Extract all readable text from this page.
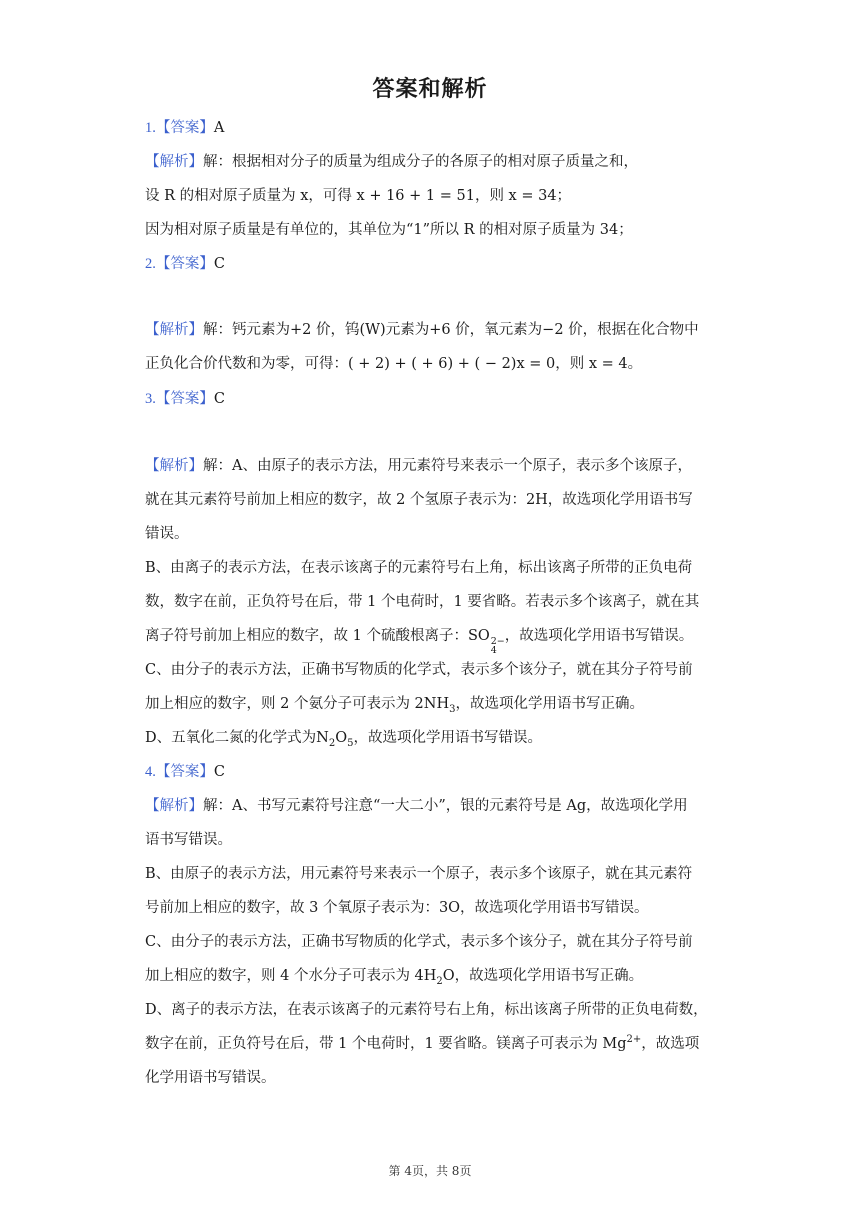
答案和解析
1.【答案】A
【解析】解：根据相对分子的质量为组成分子的各原子的相对原子质量之和，
设 R 的相对原子质量为 x，可得 x + 16 + 1 = 51，则 x = 34；
因为相对原子质量是有单位的，其单位为“1”所以 R 的相对原子质量为 34；
2.【答案】C
【解析】解：钙元素为+2 价，钨(W)元素为+6 价，氧元素为−2 价，根据在化合物中
正负化合价代数和为零，可得：( + 2) + ( + 6) + ( − 2)x = 0，则 x = 4。
3.【答案】C
【解析】解：A、由原子的表示方法，用元素符号来表示一个原子，表示多个该原子，
就在其元素符号前加上相应的数字，故 2 个氢原子表示为：2H，故选项化学用语书写
错误。
B、由离子的表示方法，在表示该离子的元素符号右上角，标出该离子所带的正负电荷
数，数字在前，正负符号在后，带 1 个电荷时，1 要省略。若表示多个该离子，就在其
离子符号前加上相应的数字，故 1 个硫酸根离子：SO 2−
4
，故选项化学用语书写错误。
C、由分子的表示方法，正确书写物质的化学式，表示多个该分子，就在其分子符号前
加上相应的数字，则 2 个氨分子可表示为 $2NH_3$，故选项化学用语书写正确。
D、五氧化二氮的化学式为$N_2O_5$，故选项化学用语书写错误。
4.【答案】C
【解析】解：A、书写元素符号注意“一大二小”，银的元素符号是 Ag，故选项化学用
语书写错误。
B、由原子的表示方法，用元素符号来表示一个原子，表示多个该原子，就在其元素符
号前加上相应的数字，故 3 个氧原子表示为：3O，故选项化学用语书写错误。
C、由分子的表示方法，正确书写物质的化学式，表示多个该分子，就在其分子符号前
加上相应的数字，则 4 个水分子可表示为 $4H_2O$，故选项化学用语书写正确。
D、离子的表示方法，在表示该离子的元素符号右上角，标出该离子所带的正负电荷数，
数字在前，正负符号在后，带 1 个电荷时，1 要省略。镁离子可表示为 $Mg^{2+}$，故选项
化学用语书写错误。
第 4页，共 8页
